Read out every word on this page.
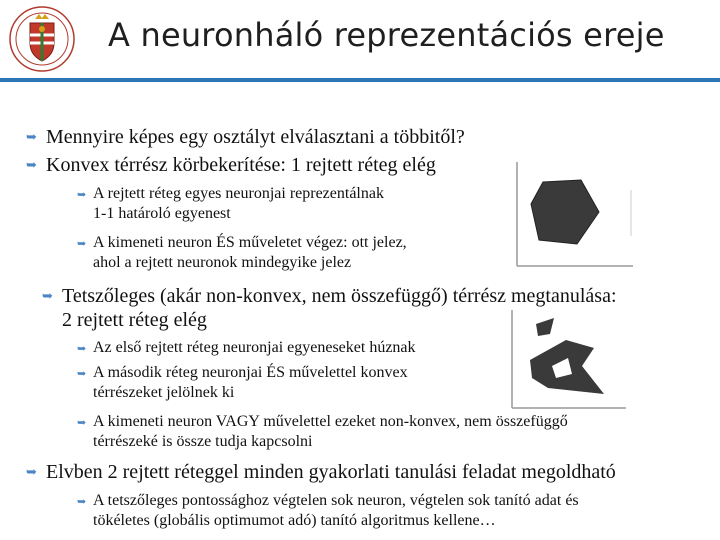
A neuronháló reprezentációs ereje
➥ Mennyire képes egy osztályt elválasztani a többitől?
➥ Konvex térrész körbekerítése: 1 rejtett réteg elég
➥ A rejtett réteg egyes neuronjai reprezentálnak
1-1 határoló egyenest
➥ A kimeneti neuron ÉS műveletet végez: ott jelez,
ahol a rejtett neuronok mindegyike jelez
➥ Tetszőleges (akár non-konvex, nem összefüggő) térrész megtanulása:
2 rejtett réteg elég
➥ Az első rejtett réteg neuronjai egyeneseket húznak
➥ A második réteg neuronjai ÉS művelettel konvex
térrészeket jelölnek ki
➥ A kimeneti neuron VAGY művelettel ezeket non-konvex, nem összefüggő
térrészeké is össze tudja kapcsolni
➥ Elvben 2 rejtett réteggel minden gyakorlati tanulási feladat megoldható
➥ A tetszőleges pontossághoz végtelen sok neuron, végtelen sok tanító adat és
tökéletes (globális optimumot adó) tanító algoritmus kellene…
